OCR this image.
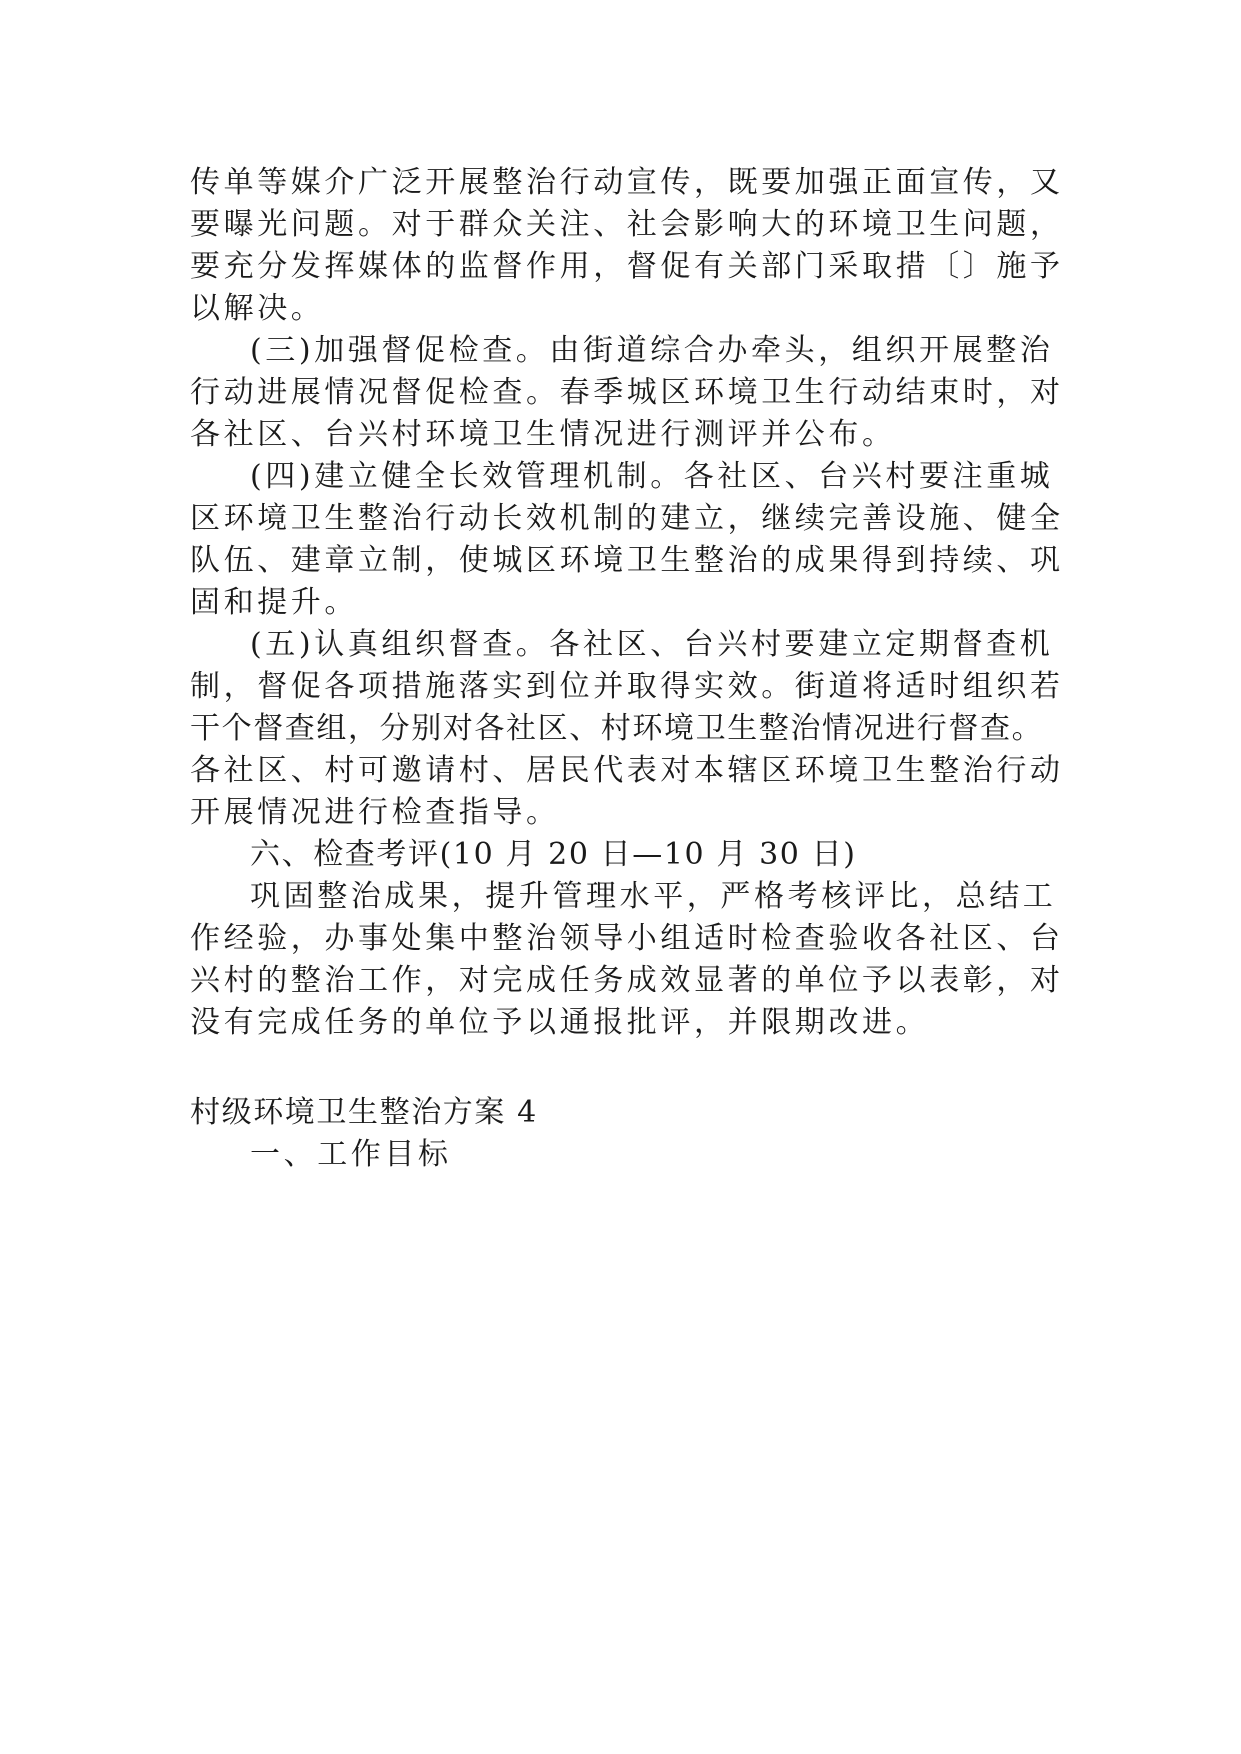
传单等媒介广泛开展整治行动宣传，既要加强正面宣传，又
要曝光问题。对于群众关注、社会影响大的环境卫生问题，
要充分发挥媒体的监督作用，督促有关部门采取措〔〕施予
以解决。
(三)加强督促检查。由街道综合办牵头，组织开展整治
行动进展情况督促检查。春季城区环境卫生行动结束时，对
各社区、台兴村环境卫生情况进行测评并公布。
(四)建立健全长效管理机制。各社区、台兴村要注重城
区环境卫生整治行动长效机制的建立，继续完善设施、健全
队伍、建章立制，使城区环境卫生整治的成果得到持续、巩
固和提升。
(五)认真组织督查。各社区、台兴村要建立定期督查机
制，督促各项措施落实到位并取得实效。街道将适时组织若
干个督查组，分别对各社区、村环境卫生整治情况进行督查。
各社区、村可邀请村、居民代表对本辖区环境卫生整治行动
开展情况进行检查指导。
六、检查考评(10 月 20 日—10 月 30 日)
巩固整治成果，提升管理水平，严格考核评比，总结工
作经验，办事处集中整治领导小组适时检查验收各社区、台
兴村的整治工作，对完成任务成效显著的单位予以表彰，对
没有完成任务的单位予以通报批评，并限期改进。
村级环境卫生整治方案 4
一、工作目标
